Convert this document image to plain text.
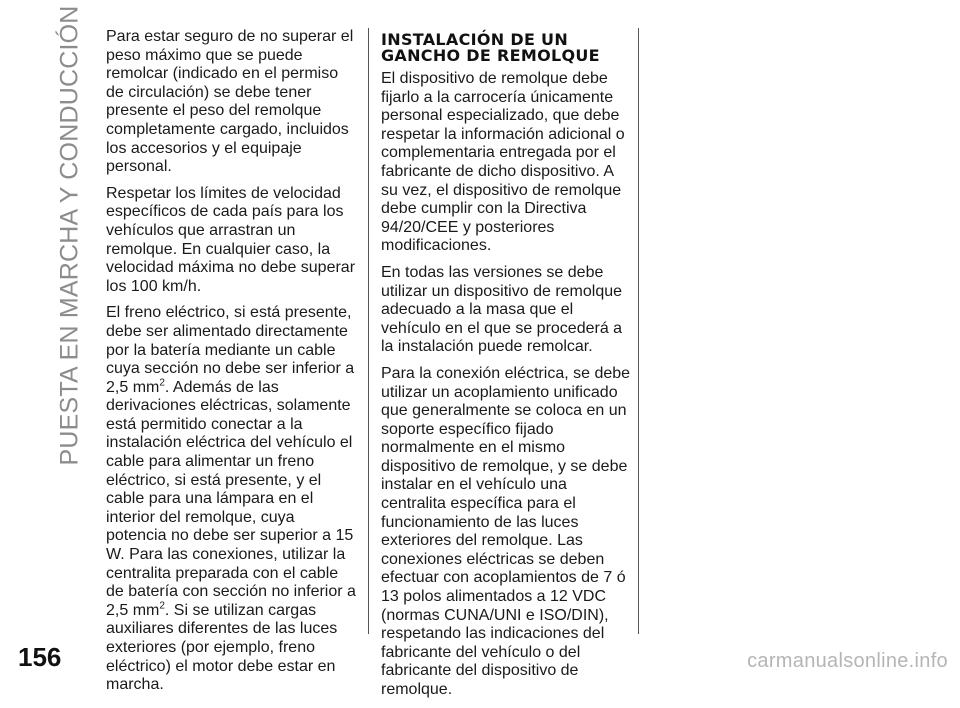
PUESTA EN MARCHA Y CONDUCCIÓN Para estar seguro de no superar el peso máximo que se puede remolcar (indicado en el permiso de circulación) se debe tener presente el peso del remolque completamente cargado, incluidos los accesorios y el equipaje personal.

Respetar los límites de velocidad específicos de cada país para los vehículos que arrastran un remolque. En cualquier caso, la velocidad máxima no debe superar los 100 km/h.

El freno eléctrico, si está presente, debe ser alimentado directamente por la batería mediante un cable cuya sección no debe ser inferior a 2,5 $mm^2$. Además de las derivaciones eléctricas, solamente está permitido conectar a la instalación eléctrica del vehículo el cable para alimentar un freno eléctrico, si está presente, y el cable para una lámpara en el interior del remolque, cuya potencia no debe ser superior a 15 W. Para las conexiones, utilizar la centralita preparada con el cable de batería con sección no inferior a 2,5 $mm^2$. Si se utilizan cargas auxiliares diferentes de las luces exteriores (por ejemplo, freno eléctrico) el motor debe estar en marcha.

INSTALACIÓN DE UN GANCHO DE REMOLQUE

El dispositivo de remolque debe fijarlo a la carrocería únicamente personal especializado, que debe respetar la información adicional o complementaria entregada por el fabricante de dicho dispositivo. A su vez, el dispositivo de remolque debe cumplir con la Directiva 94/20/CEE y posteriores modificaciones.

En todas las versiones se debe utilizar un dispositivo de remolque adecuado a la masa que el vehículo en el que se procederá a la instalación puede remolcar.

Para la conexión eléctrica, se debe utilizar un acoplamiento unificado que generalmente se coloca en un soporte específico fijado normalmente en el mismo dispositivo de remolque, y se debe instalar en el vehículo una centralita específica para el funcionamiento de las luces exteriores del remolque. Las conexiones eléctricas se deben efectuar con acoplamientos de 7 ó 13 polos alimentados a 12 VDC (normas CUNA/UNI e ISO/DIN), respetando las indicaciones del fabricante del vehículo o del fabricante del dispositivo de remolque.

156	carmanualsonline.info
